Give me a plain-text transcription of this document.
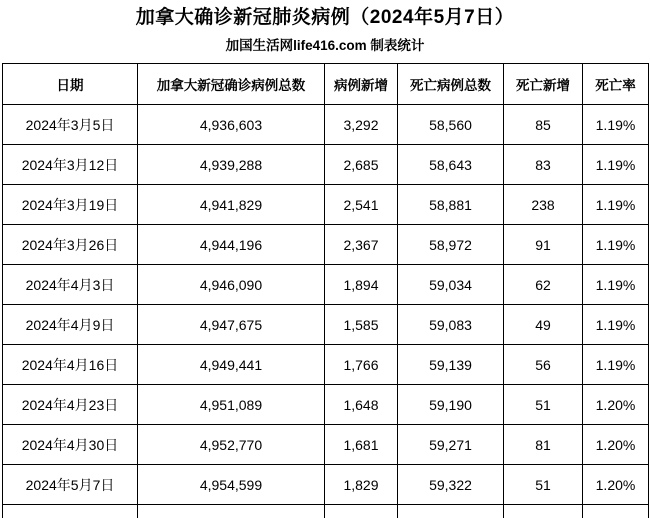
加拿大确诊新冠肺炎病例（2024年5月7日）
加国生活网life416.com 制表统计
日期	加拿大新冠确诊病例总数	病例新增	死亡病例总数	死亡新增	死亡率
2024年3月5日	4,936,603	3,292	58,560	85	1.19%
2024年3月12日	4,939,288	2,685	58,643	83	1.19%
2024年3月19日	4,941,829	2,541	58,881	238	1.19%
2024年3月26日	4,944,196	2,367	58,972	91	1.19%
2024年4月3日	4,946,090	1,894	59,034	62	1.19%
2024年4月9日	4,947,675	1,585	59,083	49	1.19%
2024年4月16日	4,949,441	1,766	59,139	56	1.19%
2024年4月23日	4,951,089	1,648	59,190	51	1.20%
2024年4月30日	4,952,770	1,681	59,271	81	1.20%
2024年5月7日	4,954,599	1,829	59,322	51	1.20%
